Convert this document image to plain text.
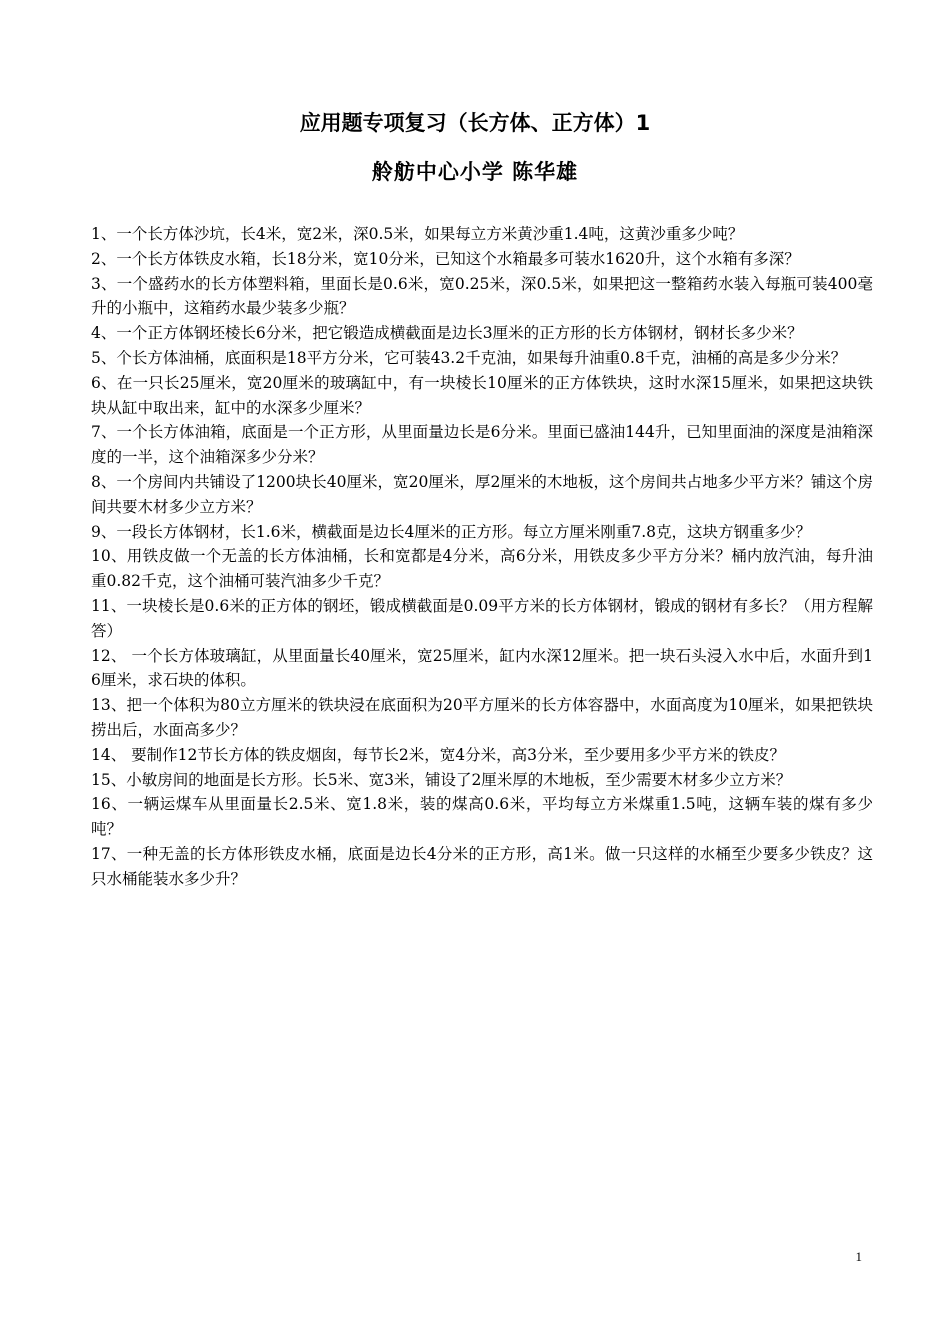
应用题专项复习（长方体、正方体）1
舲舫中心小学 陈华雄
1、一个长方体沙坑，长4米，宽2米，深0.5米，如果每立方米黄沙重1.4吨，这黄沙重多少吨？
2、一个长方体铁皮水箱，长18分米，宽10分米，已知这个水箱最多可装水1620升，这个水箱有多深？
3、一个盛药水的长方体塑料箱，里面长是0.6米，宽0.25米，深0.5米，如果把这一整箱药水装入每瓶可装400毫升的小瓶中，这箱药水最少装多少瓶？
4、一个正方体钢坯棱长6分米，把它锻造成横截面是边长3厘米的正方形的长方体钢材，钢材长多少米？
5、个长方体油桶，底面积是18平方分米，它可装43.2千克油，如果每升油重0.8千克，油桶的高是多少分米？
6、在一只长25厘米，宽20厘米的玻璃缸中，有一块棱长10厘米的正方体铁块，这时水深15厘米，如果把这块铁块从缸中取出来，缸中的水深多少厘米？
7、一个长方体油箱，底面是一个正方形，从里面量边长是6分米。里面已盛油144升，已知里面油的深度是油箱深度的一半，这个油箱深多少分米？
8、一个房间内共铺设了1200块长40厘米，宽20厘米，厚2厘米的木地板，这个房间共占地多少平方米？铺这个房间共要木材多少立方米？
9、一段长方体钢材，长1.6米，横截面是边长4厘米的正方形。每立方厘米刚重7.8克，这块方钢重多少？
10、用铁皮做一个无盖的长方体油桶，长和宽都是4分米，高6分米，用铁皮多少平方分米？桶内放汽油，每升油重0.82千克，这个油桶可装汽油多少千克？
11、一块棱长是0.6米的正方体的钢坯，锻成横截面是0.09平方米的长方体钢材，锻成的钢材有多长？（用方程解答）
12、 一个长方体玻璃缸，从里面量长40厘米，宽25厘米，缸内水深12厘米。把一块石头浸入水中后，水面升到16厘米，求石块的体积。
13、把一个体积为80立方厘米的铁块浸在底面积为20平方厘米的长方体容器中，水面高度为10厘米，如果把铁块捞出后，水面高多少？
14、 要制作12节长方体的铁皮烟囱，每节长2米，宽4分米，高3分米，至少要用多少平方米的铁皮？
15、小敏房间的地面是长方形。长5米、宽3米，铺设了2厘米厚的木地板，至少需要木材多少立方米？
16、一辆运煤车从里面量长2.5米、宽1.8米，装的煤高0.6米，平均每立方米煤重1.5吨，这辆车装的煤有多少吨？
17、一种无盖的长方体形铁皮水桶，底面是边长4分米的正方形，高1米。做一只这样的水桶至少要多少铁皮？这只水桶能装水多少升？
1
